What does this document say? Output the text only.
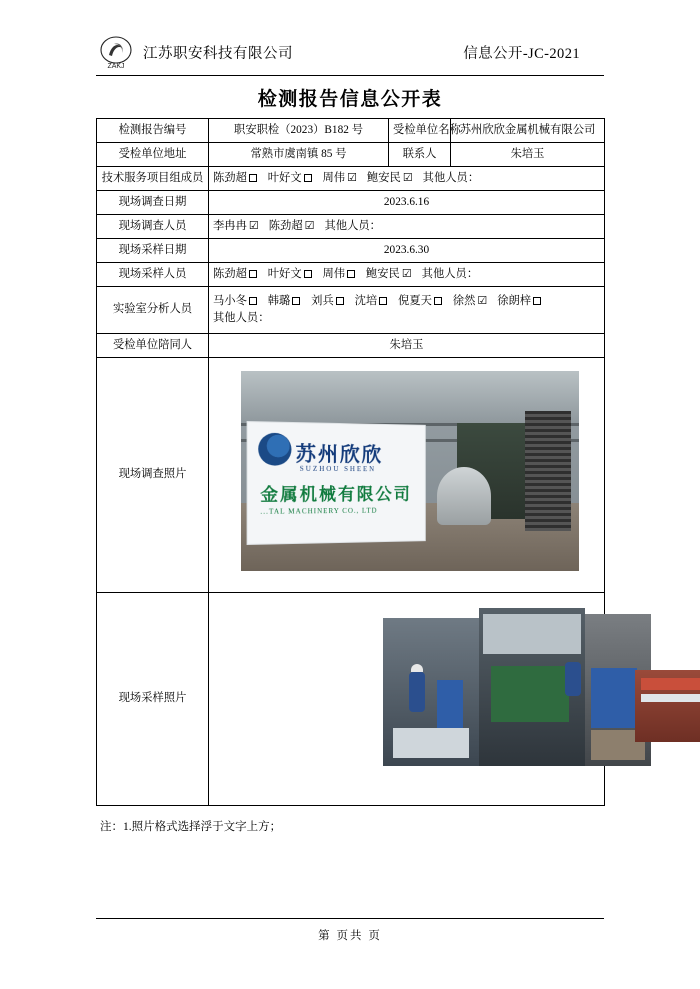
ZAKJ
江苏职安科技有限公司	信息公开-JC-2021
检测报告信息公开表
检测报告编号	职安职检（2023）B182 号	受检单位名称	苏州欣欣金属机械有限公司
受检单位地址	常熟市虞南镇 85 号	联系人	朱培玉
技术服务项目组成员	陈劲超 叶好文 周伟 ☑ 鲍安民 ☑ 其他人员：		
现场调查日期	2023.6.16		
现场调查人员	李冉冉 ☑ 陈劲超 ☑ 其他人员：		
现场采样日期	2023.6.30		
现场采样人员	陈劲超 叶好文 周伟 鲍安民 ☑ 其他人员：		
实验室分析人员	马小冬 韩璐 刘兵 沈培 倪夏天 徐然 ☑ 徐朗梓
其他人员：		

受检单位陪同人	朱培玉		
现场调查照片	苏州欣欣
SUZHOU SHEEN
金属机械有限公司
...TAL MACHINERY CO., LTD		

现场采样照片			
注：1.照片格式选择浮于文字上方；
第 页共 页
